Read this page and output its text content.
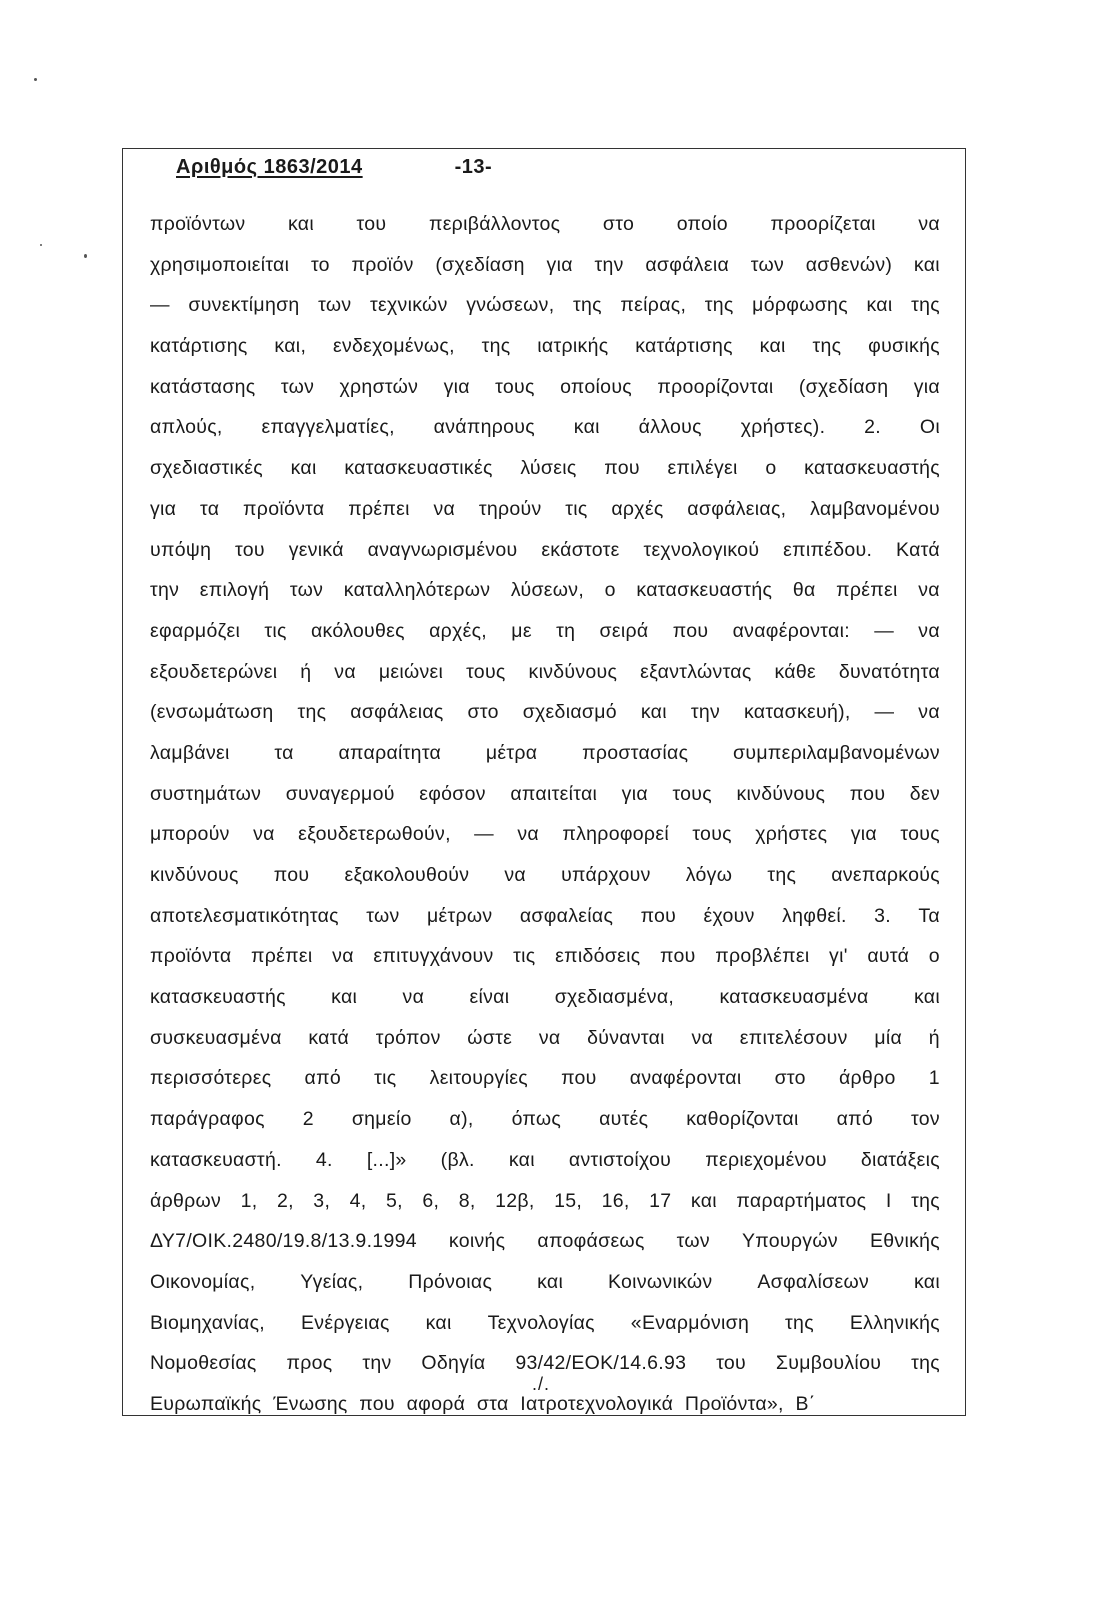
Αριθμός 1863/2014	-13-
προϊόντων και του περιβάλλοντος στο οποίο προορίζεται να
χρησιμοποιείται το προϊόν (σχεδίαση για την ασφάλεια των ασθενών) και
— συνεκτίμηση των τεχνικών γνώσεων, της πείρας, της μόρφωσης και της
κατάρτισης και, ενδεχομένως, της ιατρικής κατάρτισης και της φυσικής
κατάστασης των χρηστών για τους οποίους προορίζονται (σχεδίαση για
απλούς, επαγγελματίες, ανάπηρους και άλλους χρήστες). 2. Οι
σχεδιαστικές και κατασκευαστικές λύσεις που επιλέγει ο κατασκευαστής
για τα προϊόντα πρέπει να τηρούν τις αρχές ασφάλειας, λαμβανομένου
υπόψη του γενικά αναγνωρισμένου εκάστοτε τεχνολογικού επιπέδου. Κατά
την επιλογή των καταλληλότερων λύσεων, ο κατασκευαστής θα πρέπει να
εφαρμόζει τις ακόλουθες αρχές, με τη σειρά που αναφέρονται: — να
εξουδετερώνει ή να μειώνει τους κινδύνους εξαντλώντας κάθε δυνατότητα
(ενσωμάτωση της ασφάλειας στο σχεδιασμό και την κατασκευή), — να
λαμβάνει τα απαραίτητα μέτρα προστασίας συμπεριλαμβανομένων
συστημάτων συναγερμού εφόσον απαιτείται για τους κινδύνους που δεν
μπορούν να εξουδετερωθούν, — να πληροφορεί τους χρήστες για τους
κινδύνους που εξακολουθούν να υπάρχουν λόγω της ανεπαρκούς
αποτελεσματικότητας των μέτρων ασφαλείας που έχουν ληφθεί. 3. Τα
προϊόντα πρέπει να επιτυγχάνουν τις επιδόσεις που προβλέπει γι' αυτά ο
κατασκευαστής και να είναι σχεδιασμένα, κατασκευασμένα και
συσκευασμένα κατά τρόπον ώστε να δύνανται να επιτελέσουν μία ή
περισσότερες από τις λειτουργίες που αναφέρονται στο άρθρο 1
παράγραφος 2 σημείο α), όπως αυτές καθορίζονται από τον
κατασκευαστή. 4. [...]» (βλ. και αντιστοίχου περιεχομένου διατάξεις
άρθρων 1, 2, 3, 4, 5, 6, 8, 12β, 15, 16, 17 και παραρτήματος Ι της
ΔΥ7/ΟΙΚ.2480/19.8/13.9.1994 κοινής αποφάσεως των Υπουργών Εθνικής
Οικονομίας, Υγείας, Πρόνοιας και Κοινωνικών Ασφαλίσεων και
Βιομηχανίας, Ενέργειας και Τεχνολογίας «Εναρμόνιση της Ελληνικής
Νομοθεσίας προς την Οδηγία 93/42/ΕΟΚ/14.6.93 του Συμβουλίου της
Ευρωπαϊκής Ένωσης που αφορά στα Ιατροτεχνολογικά Προϊόντα», Β΄
./.
